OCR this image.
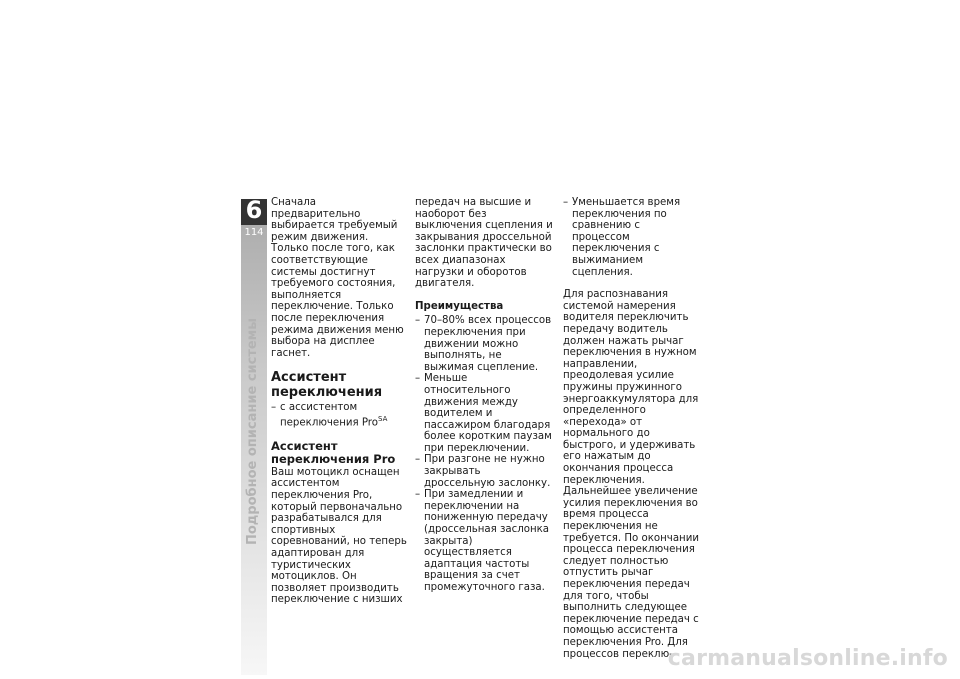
6
114
Подробное описание системы

Сначала предварительно выбирается требуемый режим движения. Только после того, как соответствующие системы достигнут требуемого состояния, выполняется переключение. Только после переключения режима движения меню выбора на дисплее гаснет.

Ассистент переключения
– с ассистентом переключения Pro$^{SA}$
Ассистент переключения Pro

Ваш мотоцикл оснащен ассистентом переключения Pro, который первоначально разрабатывался для спортивных соревнований, но теперь адаптирован для туристических мотоциклов. Он позволяет производить переключение с низших

передач на высшие и наоборот без выключения сцепления и закрывания дроссельной заслонки практически во всех диапазонах нагрузки и оборотов двигателя.

Преимущества
– 70–80% всех процессов переключения при движении можно выполнять, не выжимая сцепление.
– Меньше относительного движения между водителем и пассажиром благодаря более коротким паузам при переключении.
– При разгоне не нужно закрывать дроссельную заслонку.
– При замедлении и переключении на пониженную передачу (дроссельная заслонка закрыта) осуществляется адаптация частоты вращения за счет промежуточного газа.
– Уменьшается время переключения по сравнению с процессом переключения с выжиманием сцепления.

Для распознавания системой намерения водителя переключить передачу водитель должен нажать рычаг переключения в нужном направлении, преодолевая усилие пружины пружинного энергоаккумулятора для определенного «перехода» от нормального до быстрого, и удерживать его нажатым до окончания процесса переключения. Дальнейшее увеличение усилия переключения во время процесса переключения не требуется. По окончании процесса переключения следует полностью отпустить рычаг переключения передач для того, чтобы выполнить следующее переключение передач с помощью ассистента переключения Pro. Для процессов переклю-

carmanualsonline.info
